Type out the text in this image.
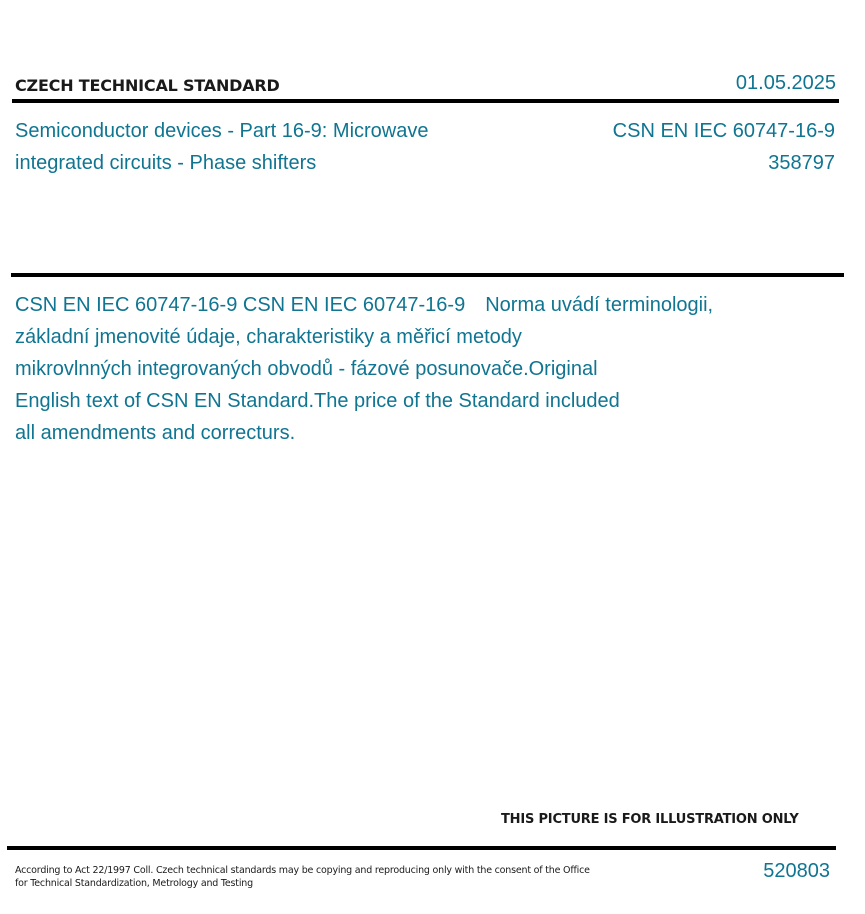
CZECH TECHNICAL STANDARD	01.05.2025
Semiconductor devices - Part 16-9: Microwave
integrated circuits - Phase shifters
CSN EN IEC 60747-16-9
358797
CSN EN IEC 60747-16-9 CSN EN IEC 60747-16-9 Norma uvádí terminologii,
základní jmenovité údaje, charakteristiky a měřicí metody
mikrovlnných integrovaných obvodů - fázové posunovače.Original
English text of CSN EN Standard.The price of the Standard included
all amendments and correcturs.
THIS PICTURE IS FOR ILLUSTRATION ONLY
According to Act 22/1997 Coll. Czech technical standards may be copying and reproducing only with the consent of the Office
for Technical Standardization, Metrology and Testing
520803
